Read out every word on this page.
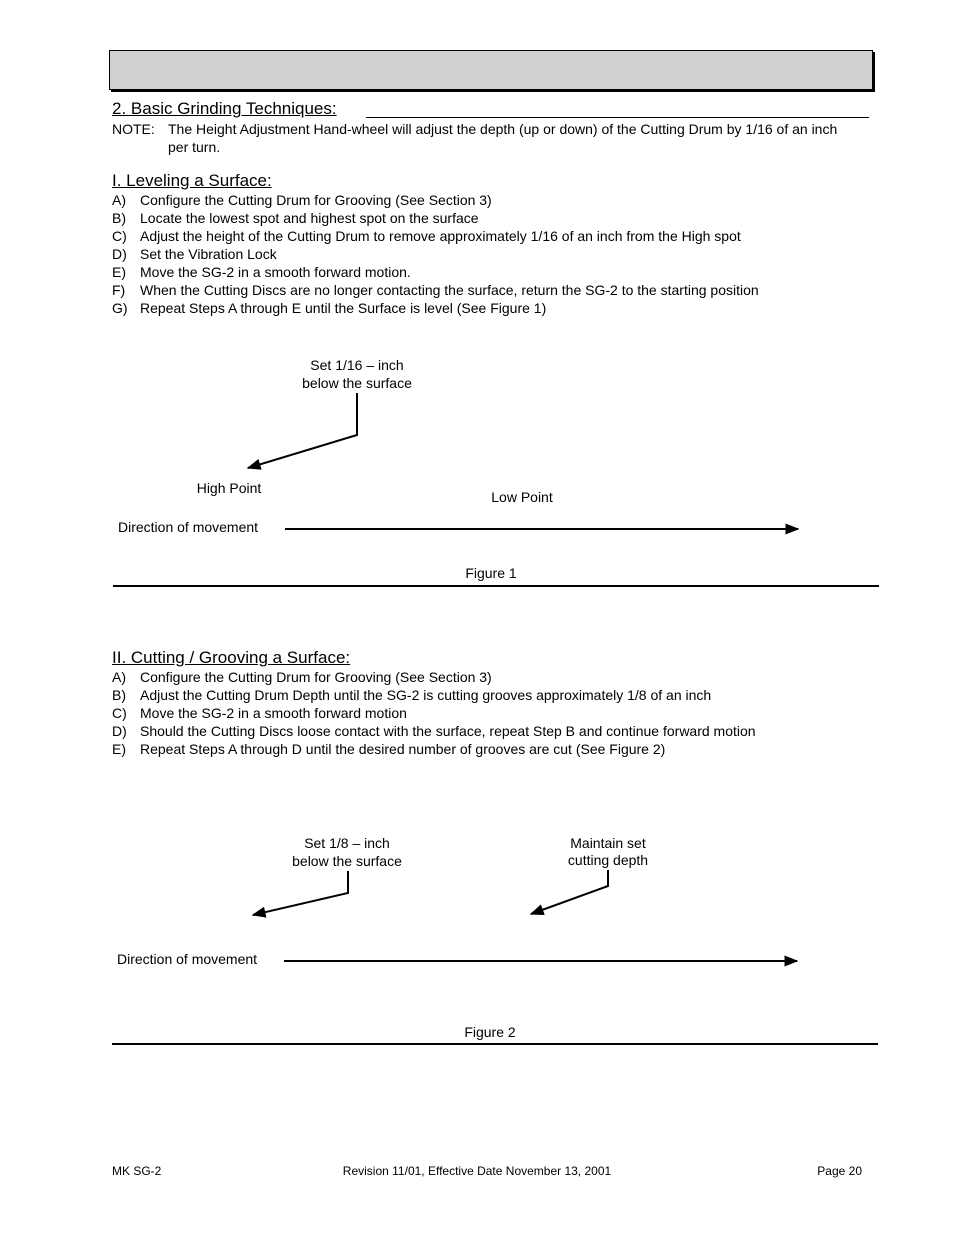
2. Basic Grinding Techniques:
NOTE: The Height Adjustment Hand-wheel will adjust the depth (up or down) of the Cutting Drum by 1/16 of an inch per turn.
I. Leveling a Surface:
A) Configure the Cutting Drum for Grooving (See Section 3)
B) Locate the lowest spot and highest spot on the surface
C) Adjust the height of the Cutting Drum to remove approximately 1/16 of an inch from the High spot
D) Set the Vibration Lock
E) Move the SG-2 in a smooth forward motion.
F) When the Cutting Discs are no longer contacting the surface, return the SG-2 to the starting position
G) Repeat Steps A through E until the Surface is level (See Figure 1)
Set 1/16 – inch
below the surface
High Point
Low Point
Direction of movement
Figure 1
II. Cutting / Grooving a Surface:
A) Configure the Cutting Drum for Grooving (See Section 3)
B) Adjust the Cutting Drum Depth until the SG-2 is cutting grooves approximately 1/8 of an inch
C) Move the SG-2 in a smooth forward motion
D) Should the Cutting Discs loose contact with the surface, repeat Step B and continue forward motion
E) Repeat Steps A through D until the desired number of grooves are cut (See Figure 2)
Set 1/8 – inch
below the surface
Maintain set
cutting depth
Direction of movement
Figure 2
MK SG-2	Revision 11/01, Effective Date November 13, 2001	Page 20
